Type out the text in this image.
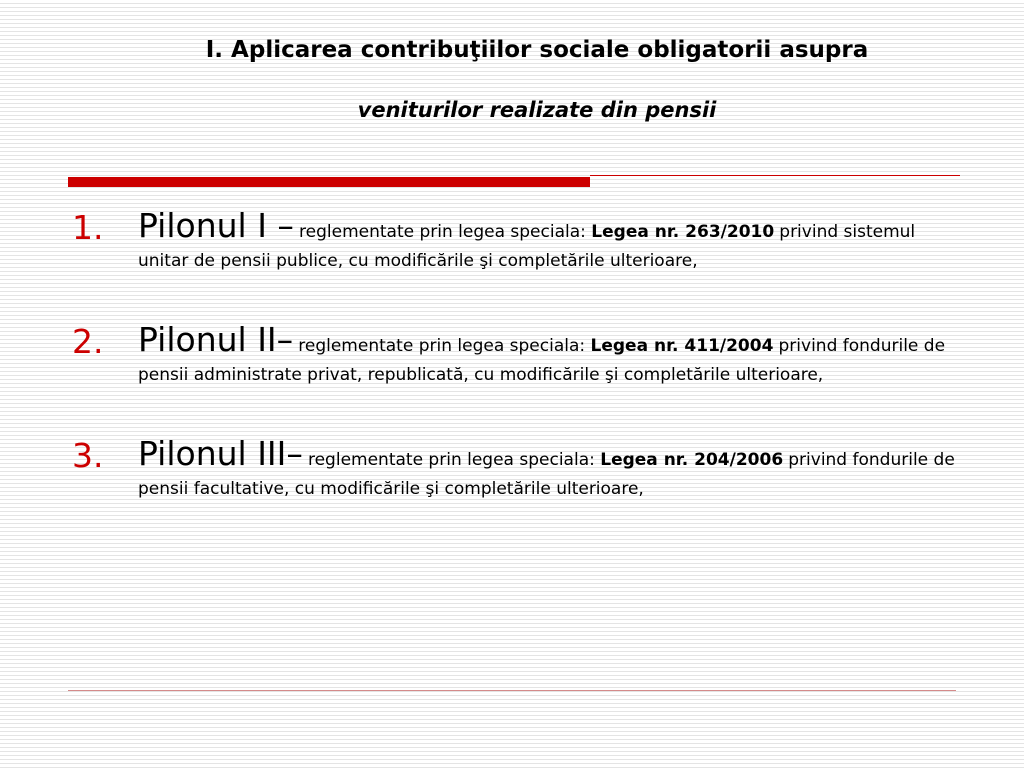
I. Aplicarea contribuţiilor sociale obligatorii asupra
veniturilor realizate din pensii
1. Pilonul I – reglementate prin legea speciala: Legea nr. 263/2010 privind sistemul unitar de pensii publice, cu modificările şi completările ulterioare,
2. Pilonul II– reglementate prin legea speciala: Legea nr. 411/2004 privind fondurile de pensii administrate privat, republicată, cu modificările şi completările ulterioare,
3. Pilonul III– reglementate prin legea speciala: Legea nr. 204/2006 privind fondurile de pensii facultative, cu modificările şi completările ulterioare,
